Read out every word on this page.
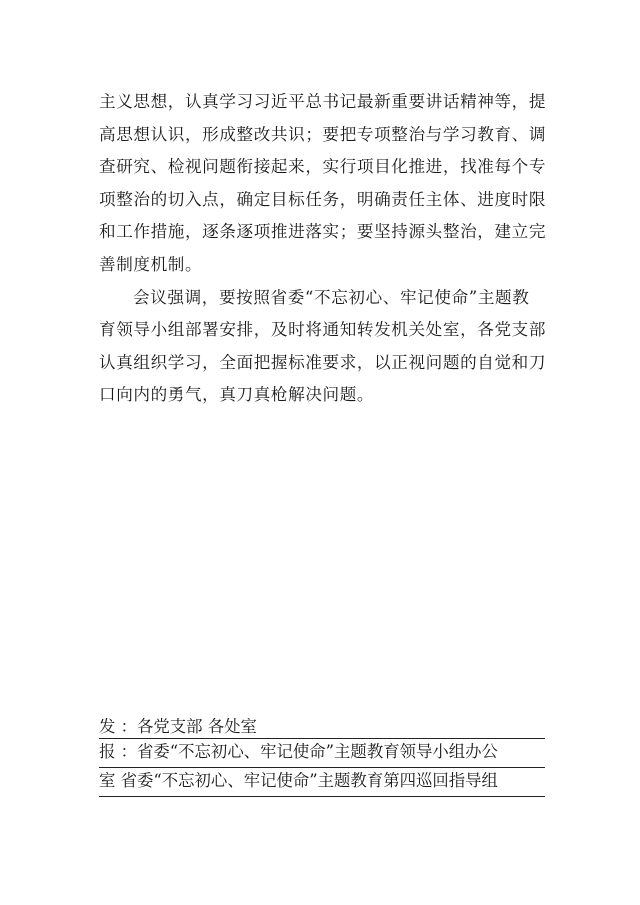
主义思想，认真学习习近平总书记最新重要讲话精神等，提
高思想认识，形成整改共识；要把专项整治与学习教育、调
查研究、检视问题衔接起来，实行项目化推进，找准每个专
项整治的切入点，确定目标任务，明确责任主体、进度时限
和工作措施，逐条逐项推进落实；要坚持源头整治，建立完
善制度机制。
会议强调，要按照省委“不忘初心、牢记使命”主题教
育领导小组部署安排，及时将通知转发机关处室，各党支部
认真组织学习，全面把握标准要求，以正视问题的自觉和刀
口向内的勇气，真刀真枪解决问题。
发 ：各党支部 各处室
报 ：省委“不忘初心、牢记使命”主题教育领导小组办公
室 省委“不忘初心、牢记使命”主题教育第四巡回指导组
